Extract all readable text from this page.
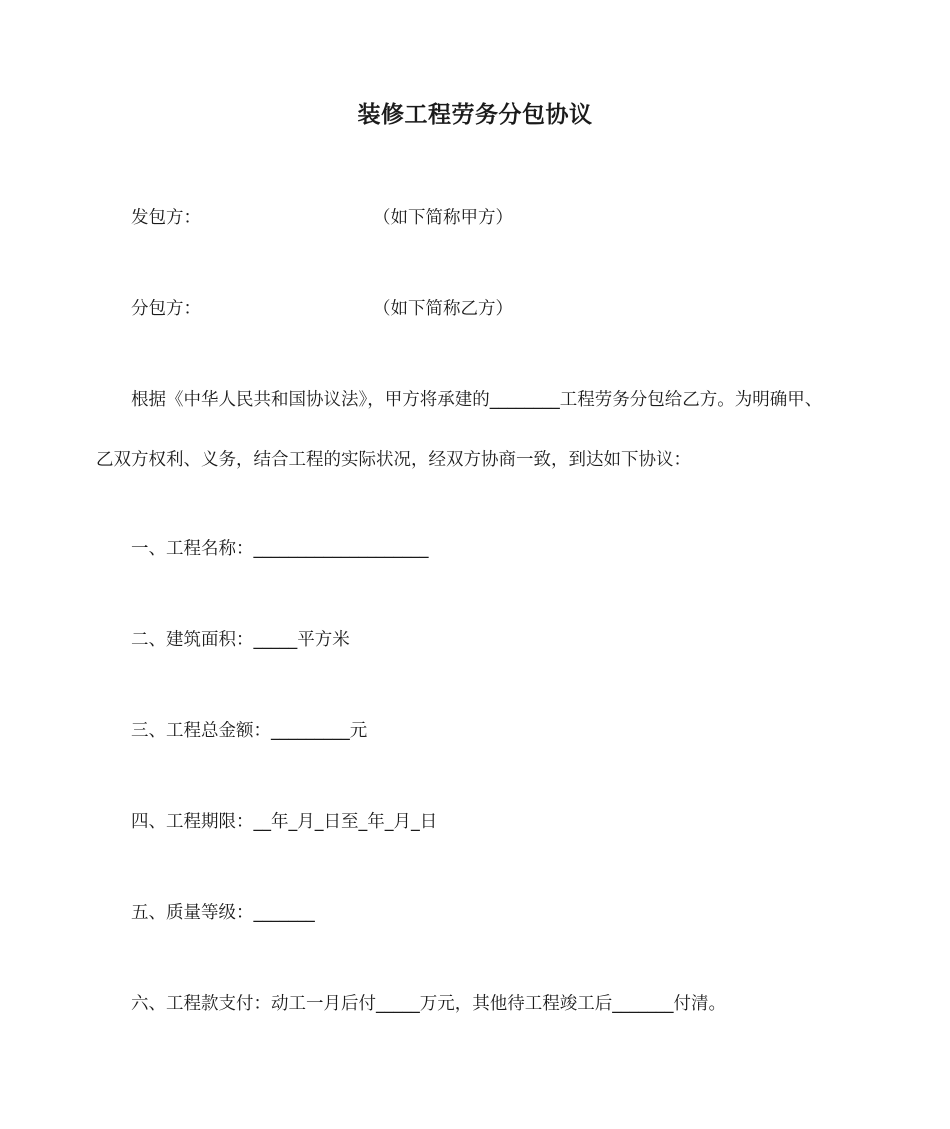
装修工程劳务分包协议
发包方：	（如下简称甲方）
分包方：	（如下简称乙方）
根据《中华人民共和国协议法》，甲方将承建的________工程劳务分包给乙方。为明确甲、
乙双方权利、义务，结合工程的实际状况，经双方协商一致，到达如下协议：
一、工程名称：____________________
二、建筑面积：_____平方米
三、工程总金额：_________元
四、工程期限：__年_月_日至_年_月_日
五、质量等级：_______
六、工程款支付：动工一月后付_____万元，其他待工程竣工后_______付清。
